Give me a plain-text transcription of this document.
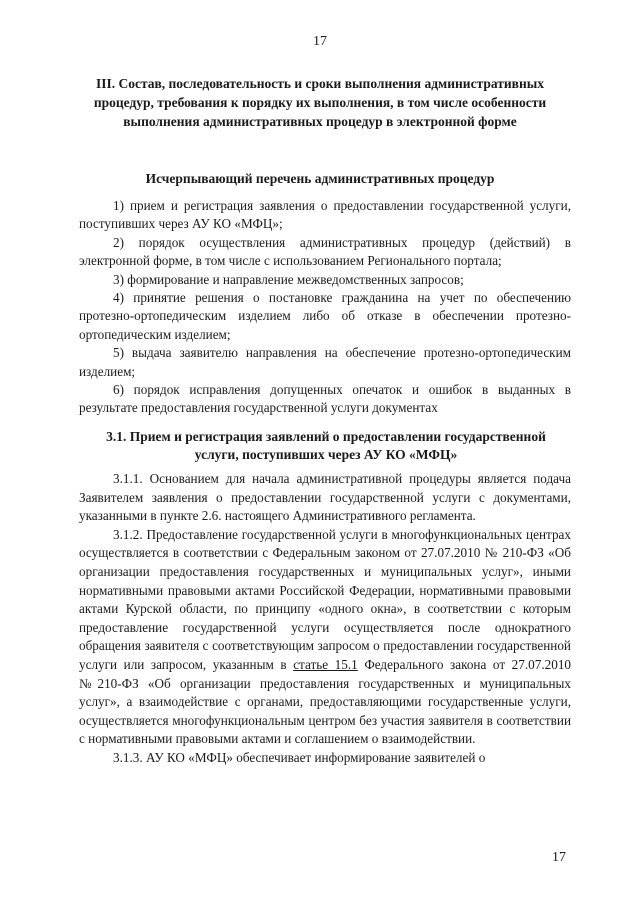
17
III. Состав, последовательность и сроки выполнения административных процедур, требования к порядку их выполнения, в том числе особенности выполнения административных процедур в электронной форме
Исчерпывающий перечень административных процедур

1) прием и регистрация заявления о предоставлении государственной услуги, поступивших через АУ КО «МФЦ»;

2) порядок осуществления административных процедур (действий) в электронной форме, в том числе с использованием Регионального портала;

3) формирование и направление межведомственных запросов;

4) принятие решения о постановке гражданина на учет по обеспечению протезно-ортопедическим изделием либо об отказе в обеспечении протезно-ортопедическим изделием;

5) выдача заявителю направления на обеспечение протезно-ортопедическим изделием;

6) порядок исправления допущенных опечаток и ошибок в выданных в результате предоставления государственной услуги документах

3.1. Прием и регистрация заявлений о предоставлении государственной услуги, поступивших через АУ КО «МФЦ»

3.1.1. Основанием для начала административной процедуры является подача Заявителем заявления о предоставлении государственной услуги с документами, указанными в пункте 2.6. настоящего Административного регламента.

3.1.2. Предоставление государственной услуги в многофункциональных центрах осуществляется в соответствии с Федеральным законом от 27.07.2010 № 210-ФЗ «Об организации предоставления государственных и муниципальных услуг», иными нормативными правовыми актами Российской Федерации, нормативными правовыми актами Курской области, по принципу «одного окна», в соответствии с которым предоставление государственной услуги осуществляется после однократного обращения заявителя с соответствующим запросом о предоставлении государственной услуги или запросом, указанным в статье 15.1 Федерального закона от 27.07.2010 №210-ФЗ «Об организации предоставления государственных и муниципальных услуг», а взаимодействие с органами, предоставляющими государственные услуги, осуществляется многофункциональным центром без участия заявителя в соответствии с нормативными правовыми актами и соглашением о взаимодействии.

3.1.3. АУ КО «МФЦ» обеспечивает информирование заявителей о

17
